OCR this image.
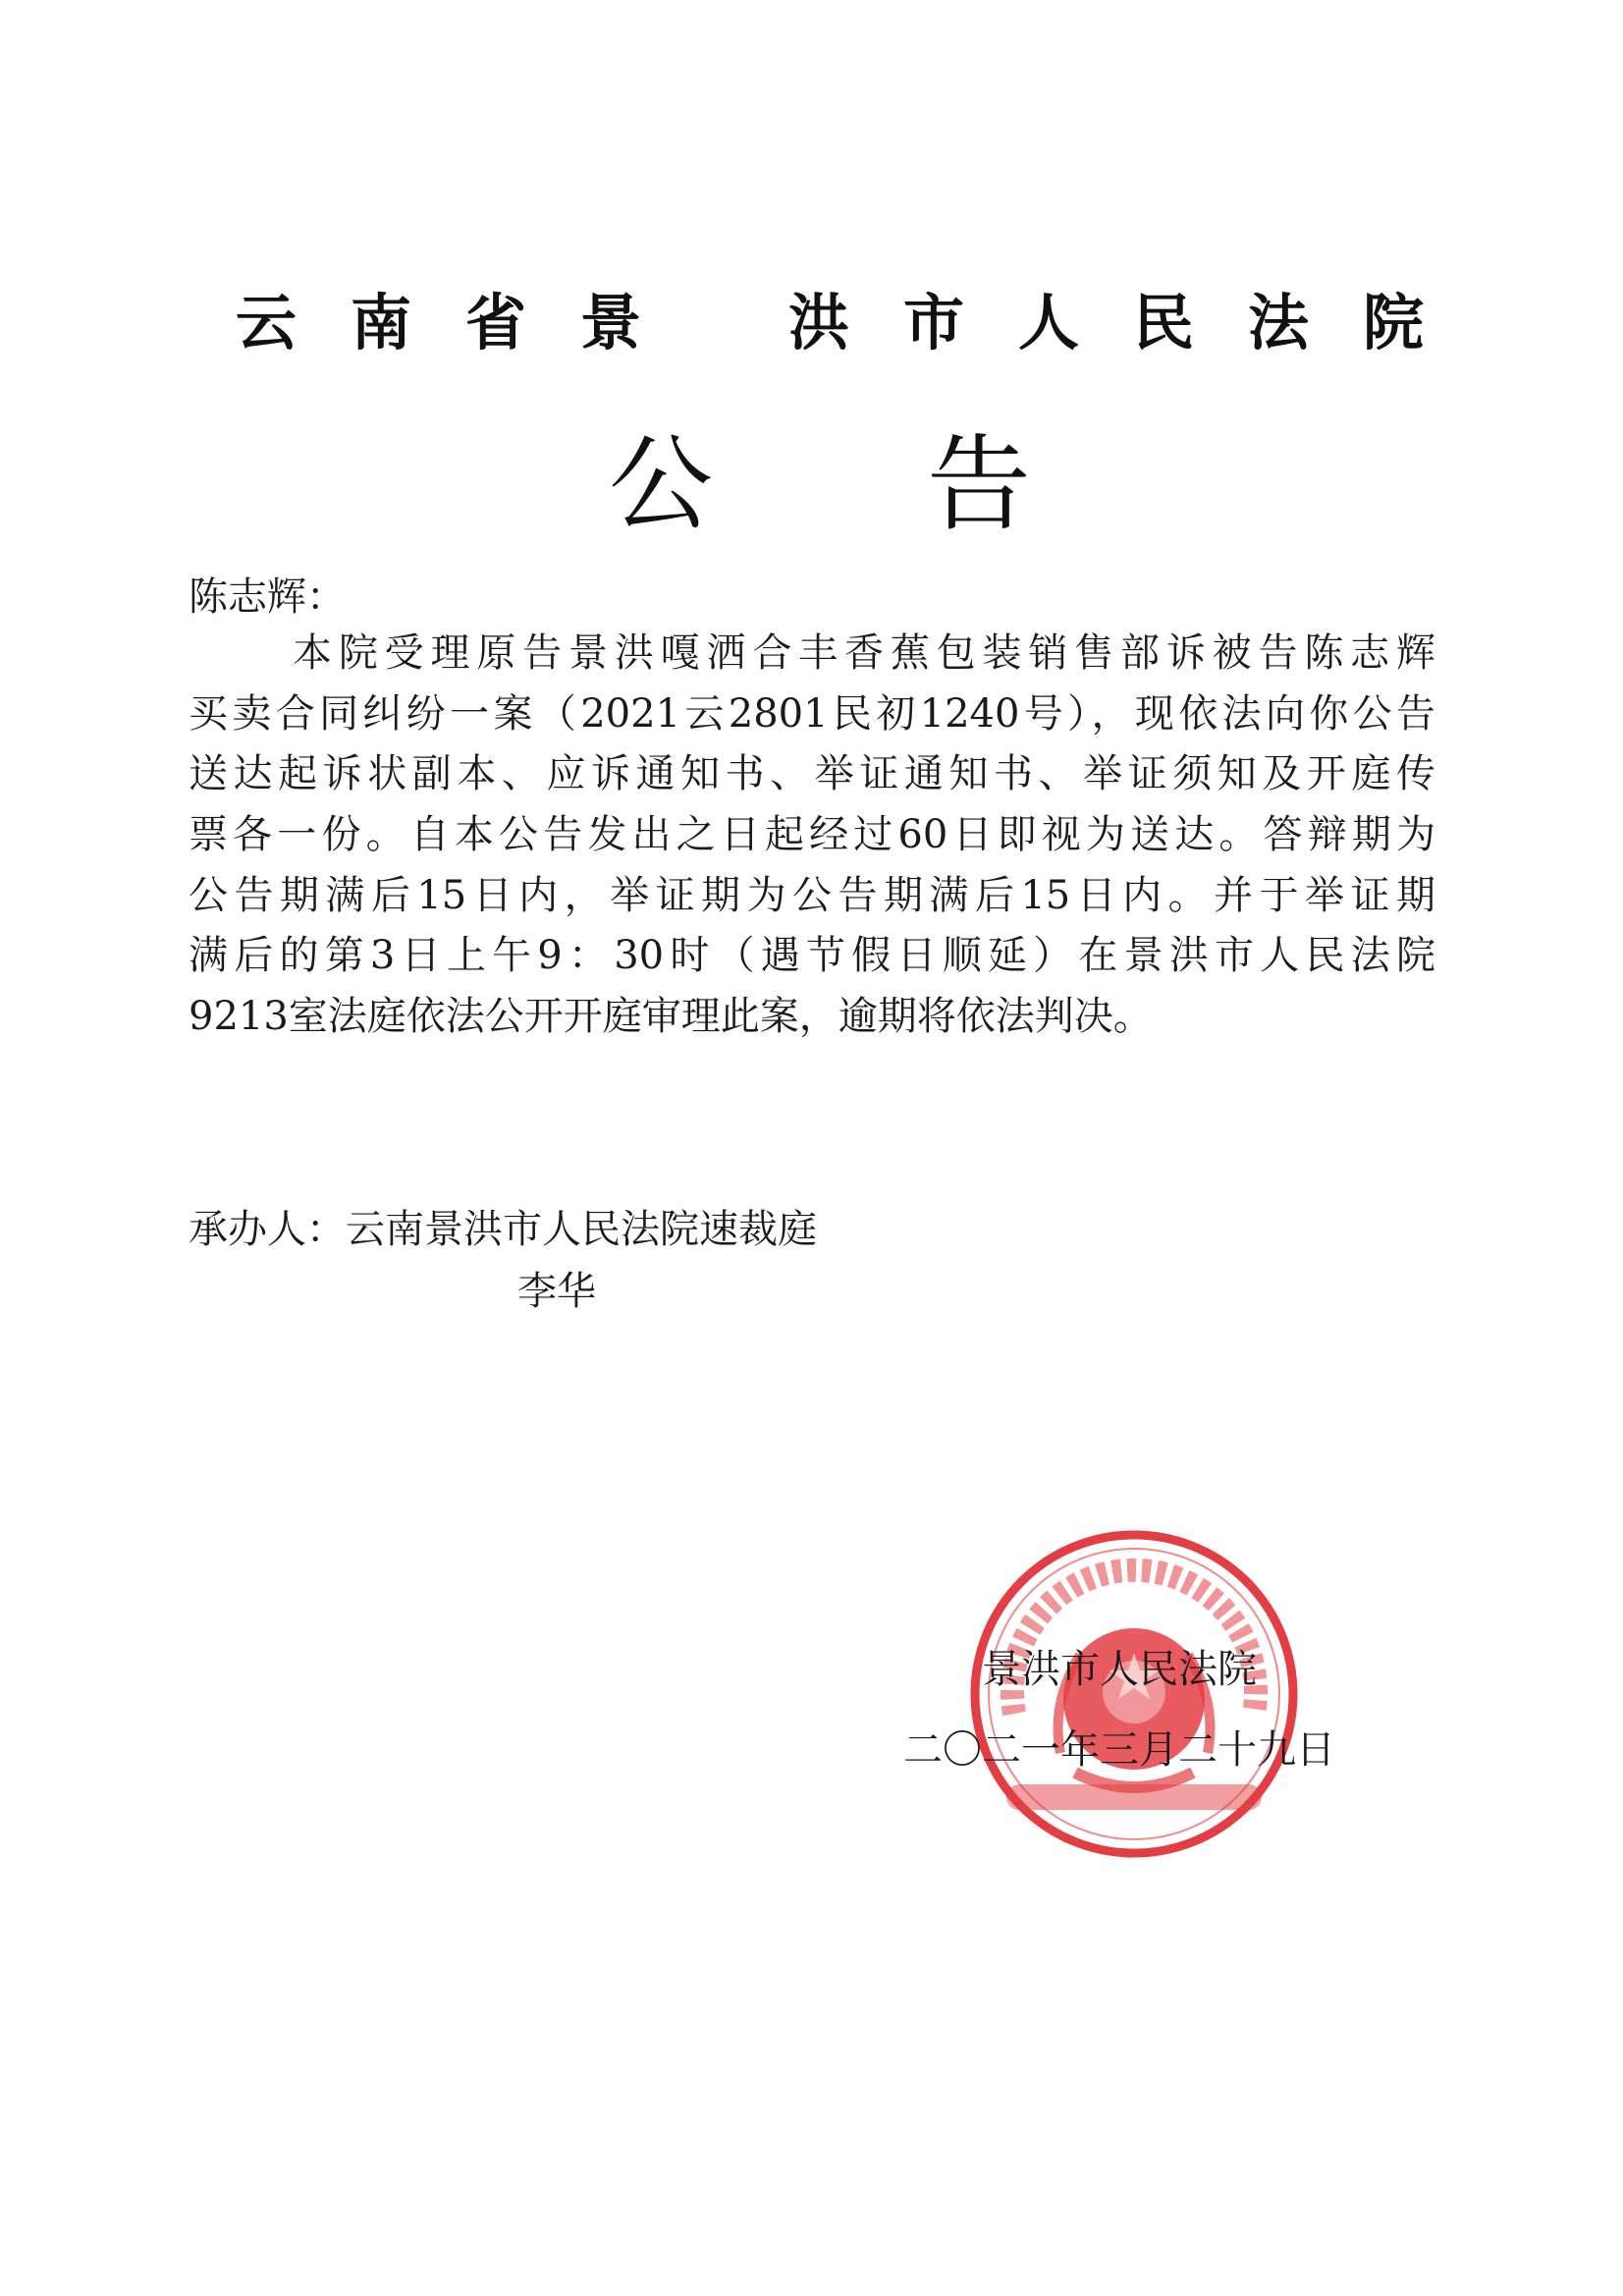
云 南 省 景 洪 市 人 民 法 院
公 告
陈志辉：
本院受理原告景洪嘎洒合丰香蕉包装销售部诉被告陈志辉
买卖合同纠纷一案（2021云2801民初1240号），现依法向你公告
送达起诉状副本、应诉通知书、举证通知书、举证须知及开庭传
票各一份。自本公告发出之日起经过60日即视为送达。答辩期为
公告期满后15日内，举证期为公告期满后15日内。并于举证期
满后的第3日上午9：30时（遇节假日顺延）在景洪市人民法院
9213室法庭依法公开开庭审理此案，逾期将依法判决。
承办人：云南景洪市人民法院速裁庭
李华
景洪市人民法院
二〇二一年三月二十九日
